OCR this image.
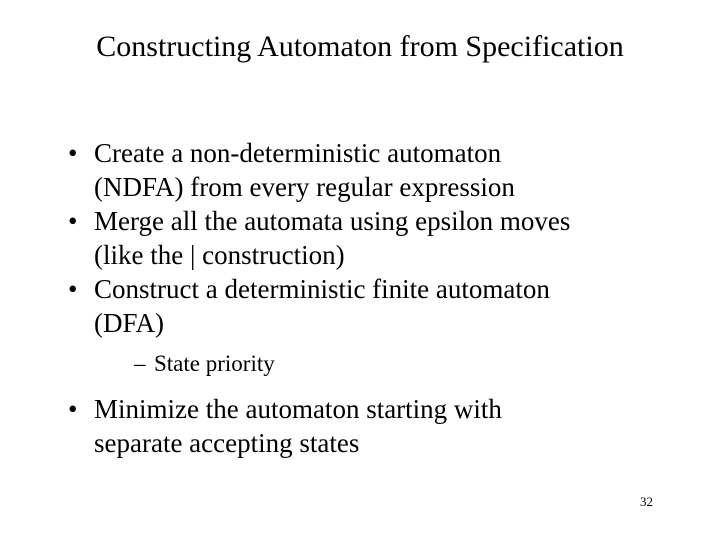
Constructing Automaton from Specification
• Create a non-deterministic automaton
(NDFA) from every regular expression
• Merge all the automata using epsilon moves
(like the | construction)
• Construct a deterministic finite automaton
(DFA)
– State priority
• Minimize the automaton starting with
separate accepting states
32
